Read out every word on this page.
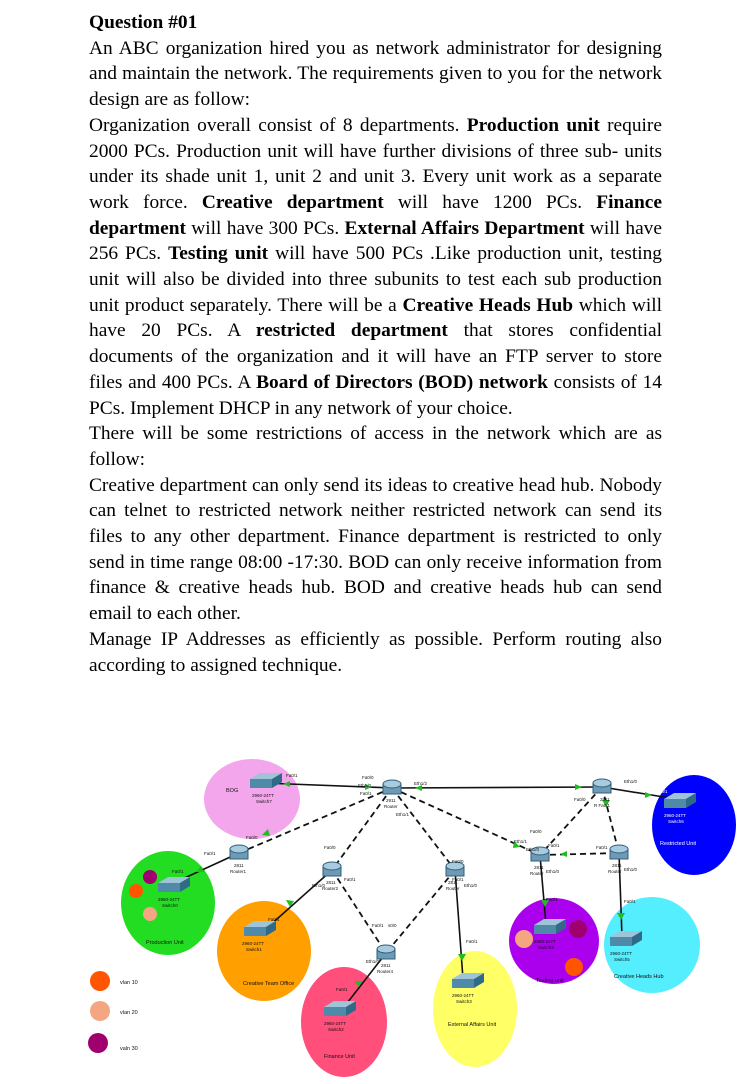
Question #01

An ABC organization hired you as network administrator for designing and maintain the network. The requirements given to you for the network design are as follow:

Organization overall consist of 8 departments. Production unit require 2000 PCs. Production unit will have further divisions of three sub- units under its shade unit 1, unit 2 and unit 3. Every unit work as a separate work force. Creative department will have 1200 PCs. Finance department will have 300 PCs. External Affairs Department will have 256 PCs. Testing unit will have 500 PCs .Like production unit, testing unit will also be divided into three subunits to test each sub production unit product separately. There will be a Creative Heads Hub which will have 20 PCs. A restricted department that stores confidential documents of the organization and it will have an FTP server to store files and 400 PCs. A Board of Directors (BOD) network consists of 14 PCs. Implement DHCP in any network of your choice.

There will be some restrictions of access in the network which are as follow:

Creative department can only send its ideas to creative head hub. Nobody can telnet to restricted network neither restricted network can send its files to any other department. Finance department is restricted to only send in time range 08:00 -17:30. BOD can only receive information from finance & creative heads hub. BOD and creative heads hub can send email to each other.

Manage IP Addresses as efficiently as possible. Perform routing also according to assigned technique.

BOG
Production Unit
Creative Team Office
Finance Unit
External Affairs Unit
Testing unit
Creative Heads Hub
Restricted Unit
2960-24TT
Switch7
2960-24TT
Switch0
2960-24TT
Switch1
2960-24TT
Switch2
2960-24TT
Switch3
2960-24TT
Switch4
2960-24TT
Switch5
2960-24TT
Switch6
2811
Router1
2811
Router2
2811
Router4
2911
Router
2911
R Fa0/1
2811
Router
2811
Router
2811
Router
Fa0/1	Fa0/0
Eth1/0	Eth1/2
Eth1/1
Fa0/1
Fa0/0
Eth1/0
Fa0/1
Fa0/0
Fa0/1
Fa0/1
Fa0/0
Eth1/0
Fa0/1
Fa0/1
Fa0/1 s0/0
Eth1/0
Fa0/1
Fa0/0
Fa0/1
Eth1/0
Fa0/1
Fa0/0
Eth1/1
Eth1/0
Fa0/1
Eth1/0
Fa0/1
Fa0/1
Eth1/0
Fa0/1
vlan 10
vlan 20
valn 30
